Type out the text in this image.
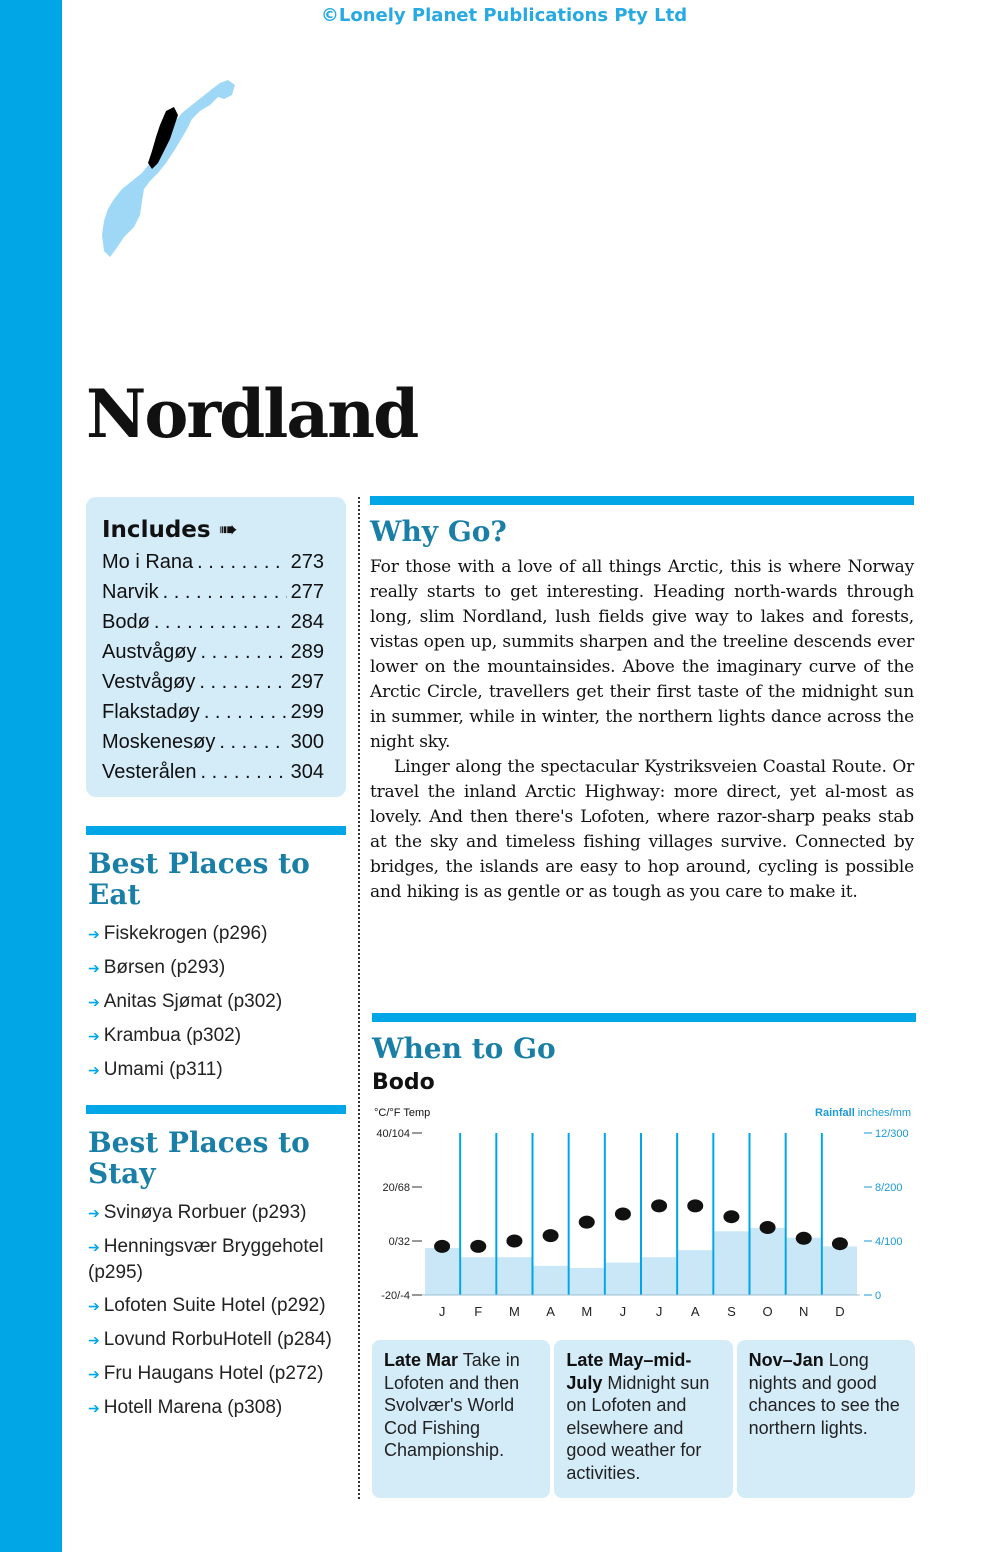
©Lonely Planet Publications Pty Ltd
Nordland
Includes ➠
Mo i Rana . . .	273
Narvik . . .	277
Bodø . . .	284
Austvågøy . . .	289
Vestvågøy . . .	297
Flakstadøy . . .	299
Moskenesøy . . .	300
Vesterålen . . .	304
Best Places to
Eat
➔ Fiskekrogen (p296)
➔ Børsen (p293)
➔ Anitas Sjømat (p302)
➔ Krambua (p302)
➔ Umami (p311)
Best Places to
Stay
➔ Svinøya Rorbuer (p293)
➔ Henningsvær Bryggehotel (p295)
➔ Lofoten Suite Hotel (p292)
➔ Lovund RorbuHotell (p284)
➔ Fru Haugans Hotel (p272)
➔ Hotell Marena (p308)
Why Go?

For those with a love of all things Arctic, this is where Norway really starts to get interesting. Heading north-wards through long, slim Nordland, lush fields give way to lakes and forests, vistas open up, summits sharpen and the treeline descends ever lower on the mountainsides. Above the imaginary curve of the Arctic Circle, travellers get their first taste of the midnight sun in summer, while in winter, the northern lights dance across the night sky.

Linger along the spectacular Kystriksveien Coastal Route. Or travel the inland Arctic Highway: more direct, yet al-most as lovely. And then there's Lofoten, where razor-sharp peaks stab at the sky and timeless fishing villages survive. Connected by bridges, the islands are easy to hop around, cycling is possible and hiking is as gentle or as tough as you care to make it.

When to Go
Bodo
°C/°F Temp	Rainfall inches/mm
40/104
20/68
0/32
-20/-4
12/300
8/200
4/100
0
J F M A M J J A S O N D
Late Mar Take in Lofoten and then Svolvær's World Cod Fishing Championship.
Late May–mid-July Midnight sun on Lofoten and elsewhere and good weather for activities.
Nov–Jan Long nights and good chances to see the northern lights.
